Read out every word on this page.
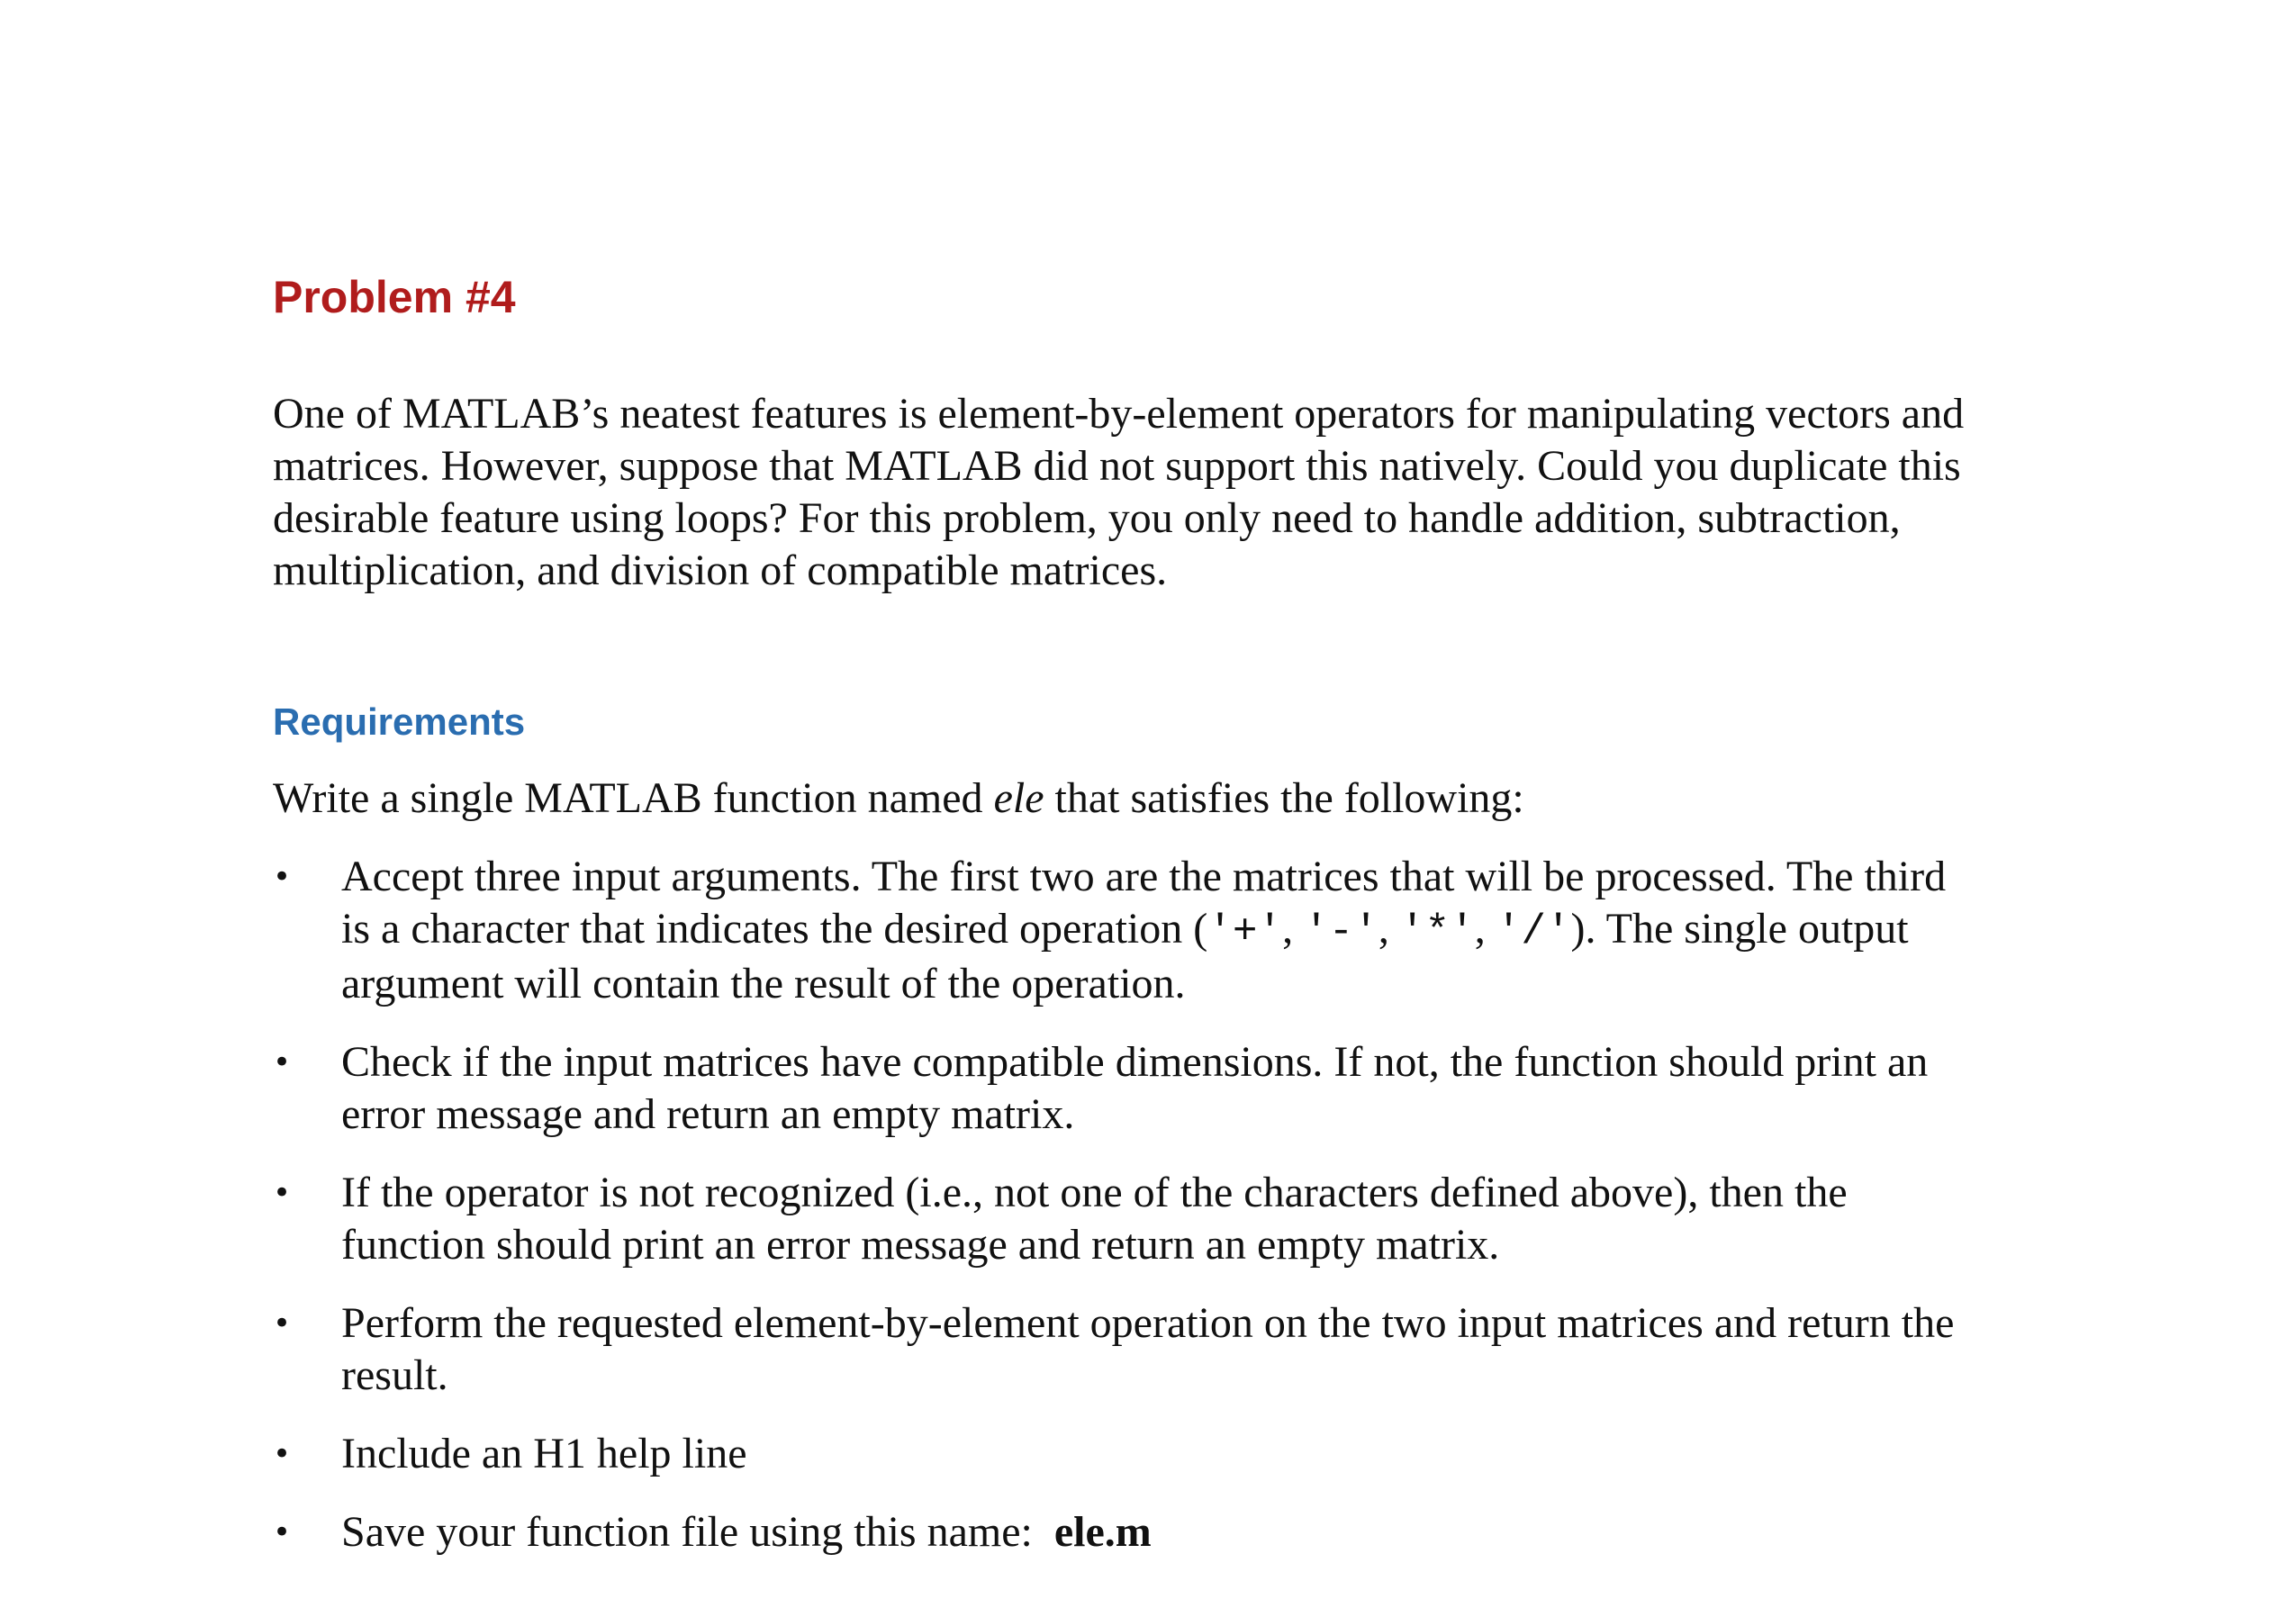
Problem #4

One of MATLAB’s neatest features is element-by-element operators for manipulating vectors and
matrices. However, suppose that MATLAB did not support this natively. Could you duplicate this
desirable feature using loops? For this problem, you only need to handle addition, subtraction,
multiplication, and division of compatible matrices.

Requirements

Write a single MATLAB function named ele that satisfies the following:

•	Accept three input arguments. The first two are the matrices that will be processed. The third
is a character that indicates the desired operation ('+', '-', '*', '/'). The single output
argument will contain the result of the operation.
•	Check if the input matrices have compatible dimensions. If not, the function should print an
error message and return an empty matrix.
•	If the operator is not recognized (i.e., not one of the characters defined above), then the
function should print an error message and return an empty matrix.
•	Perform the requested element-by-element operation on the two input matrices and return the
result.
•	Include an H1 help line
•	Save your function file using this name:  ele.m
